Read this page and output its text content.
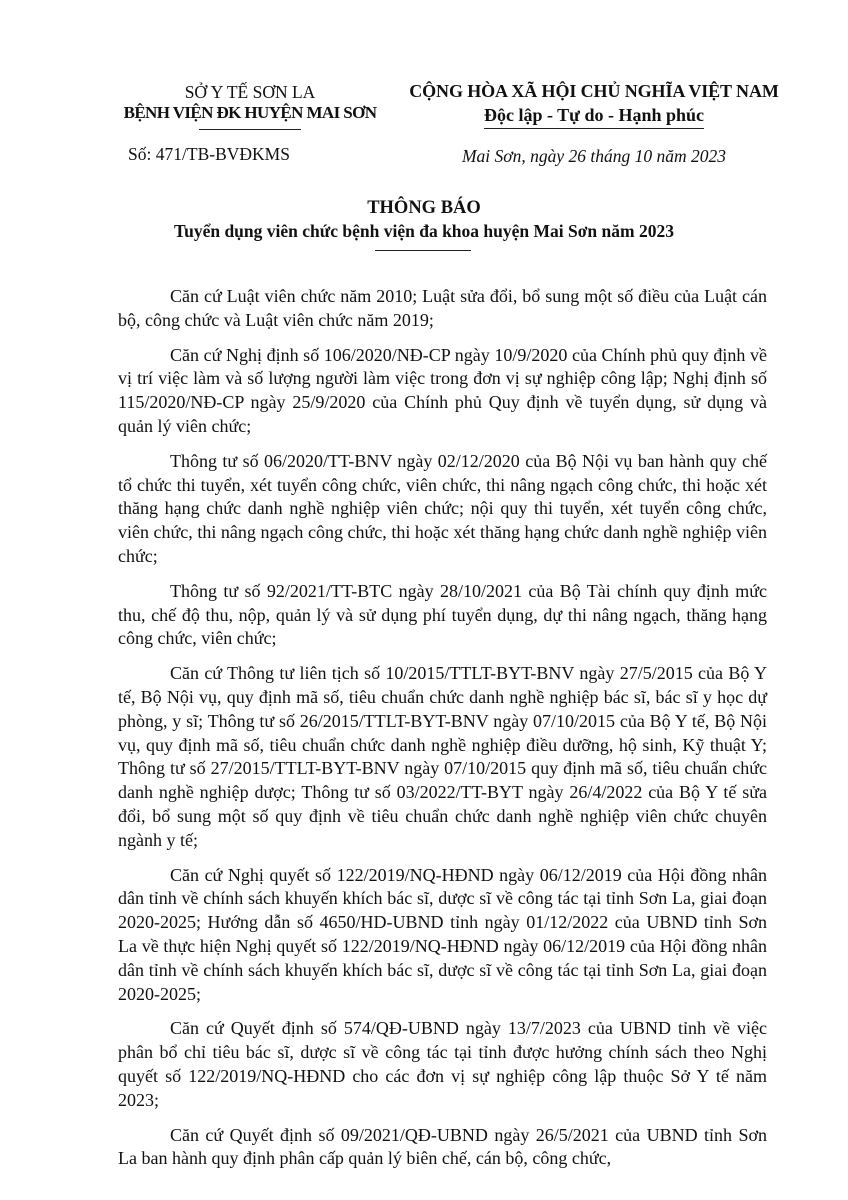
SỞ Y TẾ SƠN LA
BỆNH VIỆN ĐK HUYỆN MAI SƠN
CỘNG HÒA XÃ HỘI CHỦ NGHĨA VIỆT NAM
Độc lập - Tự do - Hạnh phúc
Số: 471/TB-BVĐKMS	Mai Sơn, ngày 26 tháng 10 năm 2023
THÔNG BÁO
Tuyển dụng viên chức bệnh viện đa khoa huyện Mai Sơn năm 2023

Căn cứ Luật viên chức năm 2010; Luật sửa đổi, bổ sung một số điều của Luật cán bộ, công chức và Luật viên chức năm 2019;

Căn cứ Nghị định số 106/2020/NĐ-CP ngày 10/9/2020 của Chính phủ quy định về vị trí việc làm và số lượng người làm việc trong đơn vị sự nghiệp công lập; Nghị định số 115/2020/NĐ-CP ngày 25/9/2020 của Chính phủ Quy định về tuyển dụng, sử dụng và quản lý viên chức;

Thông tư số 06/2020/TT-BNV ngày 02/12/2020 của Bộ Nội vụ ban hành quy chế tổ chức thi tuyển, xét tuyển công chức, viên chức, thi nâng ngạch công chức, thi hoặc xét thăng hạng chức danh nghề nghiệp viên chức; nội quy thi tuyển, xét tuyển công chức, viên chức, thi nâng ngạch công chức, thi hoặc xét thăng hạng chức danh nghề nghiệp viên chức;

Thông tư số 92/2021/TT-BTC ngày 28/10/2021 của Bộ Tài chính quy định mức thu, chế độ thu, nộp, quản lý và sử dụng phí tuyển dụng, dự thi nâng ngạch, thăng hạng công chức, viên chức;

Căn cứ Thông tư liên tịch số 10/2015/TTLT-BYT-BNV ngày 27/5/2015 của Bộ Y tế, Bộ Nội vụ, quy định mã số, tiêu chuẩn chức danh nghề nghiệp bác sĩ, bác sĩ y học dự phòng, y sĩ; Thông tư số 26/2015/TTLT-BYT-BNV ngày 07/10/2015 của Bộ Y tế, Bộ Nội vụ, quy định mã số, tiêu chuẩn chức danh nghề nghiệp điều dưỡng, hộ sinh, Kỹ thuật Y; Thông tư số 27/2015/TTLT-BYT-BNV ngày 07/10/2015 quy định mã số, tiêu chuẩn chức danh nghề nghiệp dược; Thông tư số 03/2022/TT-BYT ngày 26/4/2022 của Bộ Y tế sửa đổi, bổ sung một số quy định về tiêu chuẩn chức danh nghề nghiệp viên chức chuyên ngành y tế;

Căn cứ Nghị quyết số 122/2019/NQ-HĐND ngày 06/12/2019 của Hội đồng nhân dân tỉnh về chính sách khuyến khích bác sĩ, dược sĩ về công tác tại tỉnh Sơn La, giai đoạn 2020-2025; Hướng dẫn số 4650/HD-UBND tỉnh ngày 01/12/2022 của UBND tỉnh Sơn La về thực hiện Nghị quyết số 122/2019/NQ-HĐND ngày 06/12/2019 của Hội đồng nhân dân tỉnh về chính sách khuyến khích bác sĩ, dược sĩ về công tác tại tỉnh Sơn La, giai đoạn 2020-2025;

Căn cứ Quyết định số 574/QĐ-UBND ngày 13/7/2023 của UBND tỉnh về việc phân bổ chỉ tiêu bác sĩ, dược sĩ về công tác tại tỉnh được hưởng chính sách theo Nghị quyết số 122/2019/NQ-HĐND cho các đơn vị sự nghiệp công lập thuộc Sở Y tế năm 2023;

Căn cứ Quyết định số 09/2021/QĐ-UBND ngày 26/5/2021 của UBND tỉnh Sơn La ban hành quy định phân cấp quản lý biên chế, cán bộ, công chức,
